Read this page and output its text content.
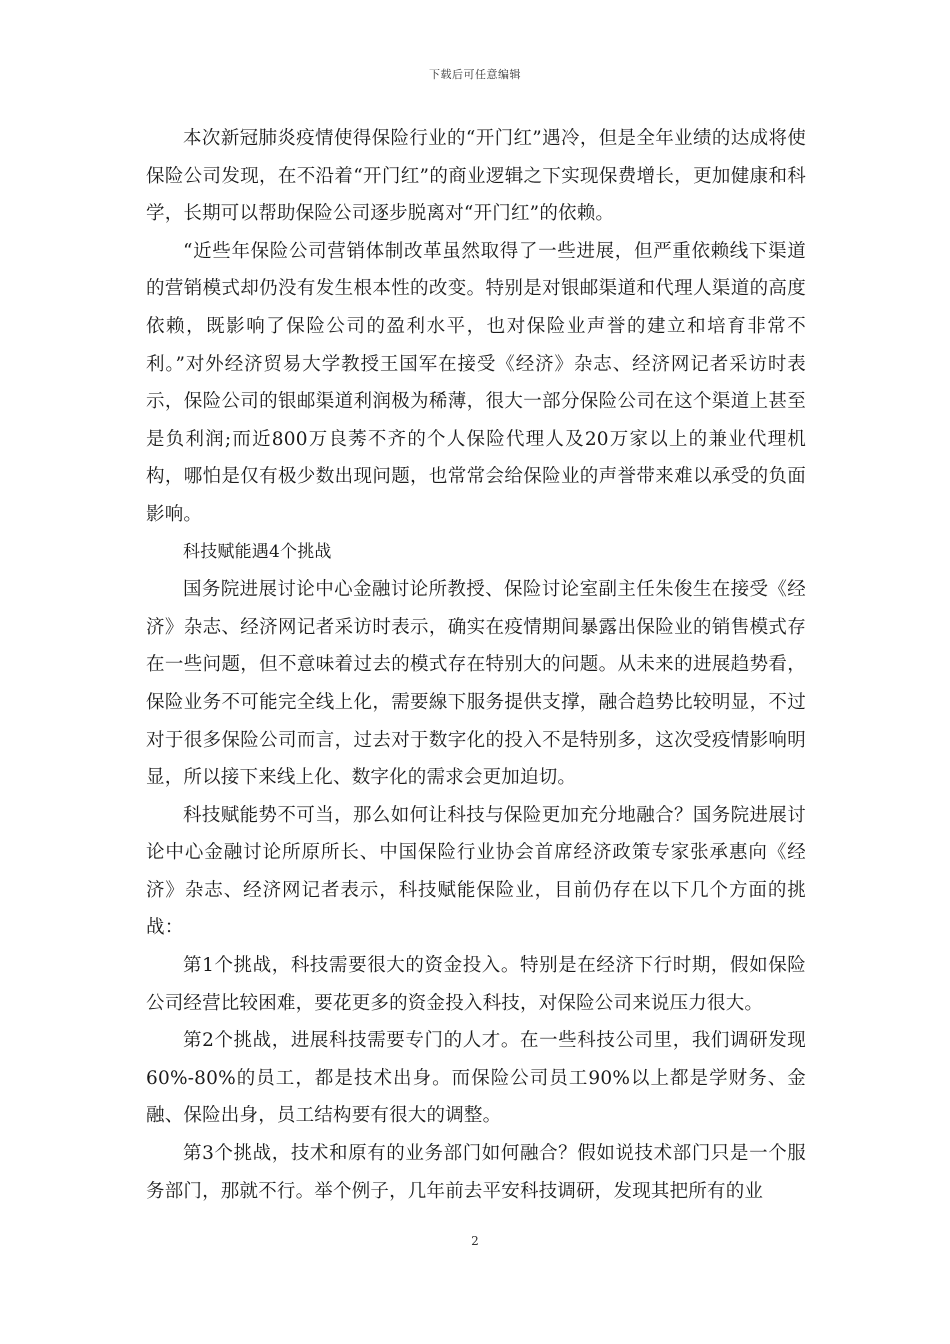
下载后可任意编辑

本次新冠肺炎疫情使得保险行业的“开门红”遇冷，但是全年业绩的达成将使保险公司发现，在不沿着“开门红”的商业逻辑之下实现保费增长，更加健康和科学，长期可以帮助保险公司逐步脱离对“开门红”的依赖。

“近些年保险公司营销体制改革虽然取得了一些进展，但严重依赖线下渠道的营销模式却仍没有发生根本性的改变。特别是对银邮渠道和代理人渠道的高度依赖，既影响了保险公司的盈利水平，也对保险业声誉的建立和培育非常不利。”对外经济贸易大学教授王国军在接受《经济》杂志、经济网记者采访时表示，保险公司的银邮渠道利润极为稀薄，很大一部分保险公司在这个渠道上甚至是负利润;而近800万良莠不齐的个人保险代理人及20万家以上的兼业代理机构，哪怕是仅有极少数出现问题，也常常会给保险业的声誉带来难以承受的负面影响。

科技赋能遇4个挑战

国务院进展讨论中心金融讨论所教授、保险讨论室副主任朱俊生在接受《经济》杂志、经济网记者采访时表示，确实在疫情期间暴露出保险业的销售模式存在一些问题，但不意味着过去的模式存在特别大的问题。从未来的进展趋势看，保险业务不可能完全线上化，需要線下服务提供支撑，融合趋势比较明显，不过对于很多保险公司而言，过去对于数字化的投入不是特别多，这次受疫情影响明显，所以接下来线上化、数字化的需求会更加迫切。

科技赋能势不可当，那么如何让科技与保险更加充分地融合？国务院进展讨论中心金融讨论所原所长、中国保险行业协会首席经济政策专家张承惠向《经济》杂志、经济网记者表示，科技赋能保险业，目前仍存在以下几个方面的挑战：

第1个挑战，科技需要很大的资金投入。特别是在经济下行时期，假如保险公司经营比较困难，要花更多的资金投入科技，对保险公司来说压力很大。

第2个挑战，进展科技需要专门的人才。在一些科技公司里，我们调研发现60%-80%的员工，都是技术出身。而保险公司员工90%以上都是学财务、金融、保险出身，员工结构要有很大的调整。

第3个挑战，技术和原有的业务部门如何融合？假如说技术部门只是一个服务部门，那就不行。举个例子，几年前去平安科技调研，发现其把所有的业

2
